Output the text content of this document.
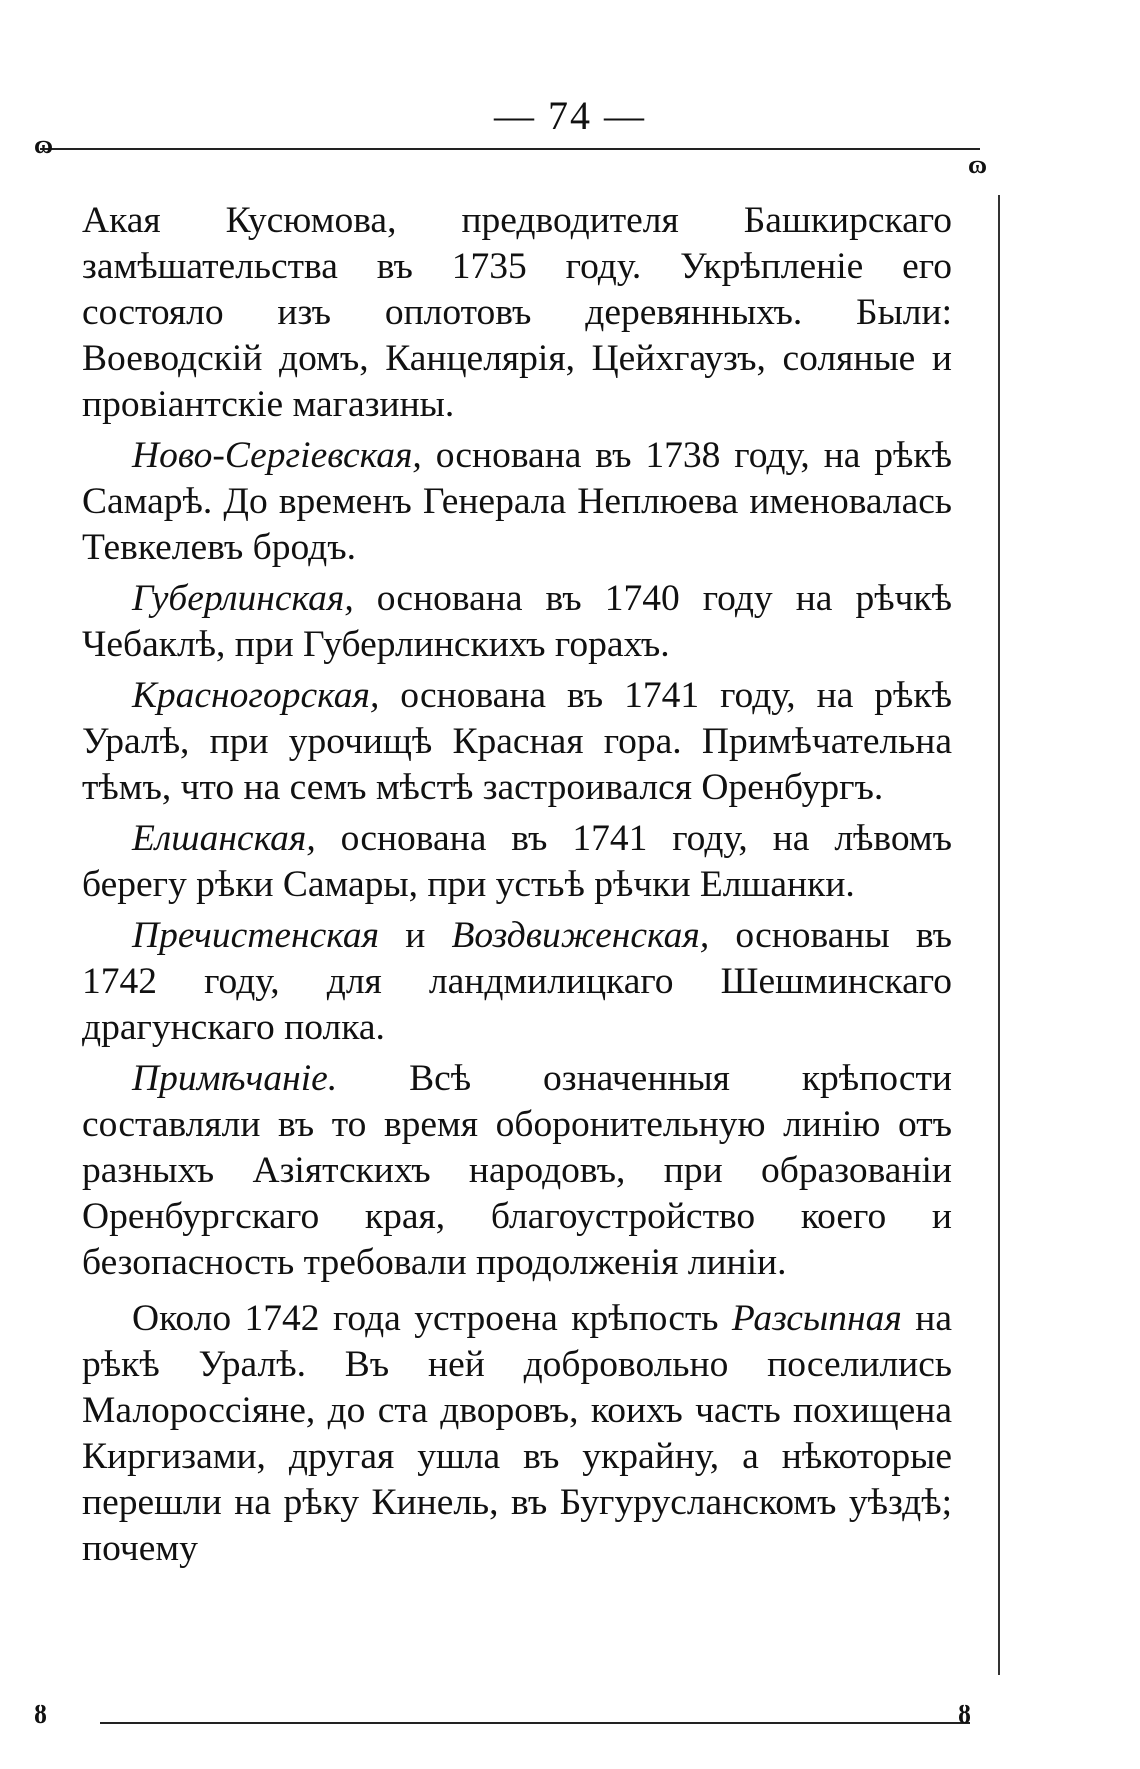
— 74 —
ɷ
ɷ
ȣ	ȣ

Акая Кусюмова, предводителя Башкирскаго замѣшательства въ 1735 году. Укрѣпленіе его состояло изъ оплотовъ деревянныхъ. Были: Воеводскій домъ, Канцелярія, Цейхгаузъ, соляные и провіантскіе магазины.

Ново-Сергіевская, основана въ 1738 году, на рѣкѣ Самарѣ. До временъ Генерала Неплюева именовалась Тевкелевъ бродъ.

Губерлинская, основана въ 1740 году на рѣчкѣ Чебаклѣ, при Губерлинскихъ горахъ.

Красногорская, основана въ 1741 году, на рѣкѣ Уралѣ, при урочищѣ Красная гора. Примѣчательна тѣмъ, что на семъ мѣстѣ застроивался Оренбургъ.

Елшанская, основана въ 1741 году, на лѣвомъ берегу рѣки Самары, при устьѣ рѣчки Елшанки.

Пречистенская и Воздвиженская, основаны въ 1742 году, для ландмилицкаго Шешминскаго драгунскаго полка.

Примѣчаніе. Всѣ означенныя крѣпости составляли въ то время оборонительную линію отъ разныхъ Азіятскихъ народовъ, при образованіи Оренбургскаго края, благоустройство коего и безопасность требовали продолженія линіи.

Около 1742 года устроена крѣпость Разсыпная на рѣкѣ Уралѣ. Въ ней добровольно поселились Малороссіяне, до ста дворовъ, коихъ часть похищена Киргизами, другая ушла въ украйну, а нѣкоторые перешли на рѣку Кинель, въ Бугурусланскомъ уѣздѣ; почему
